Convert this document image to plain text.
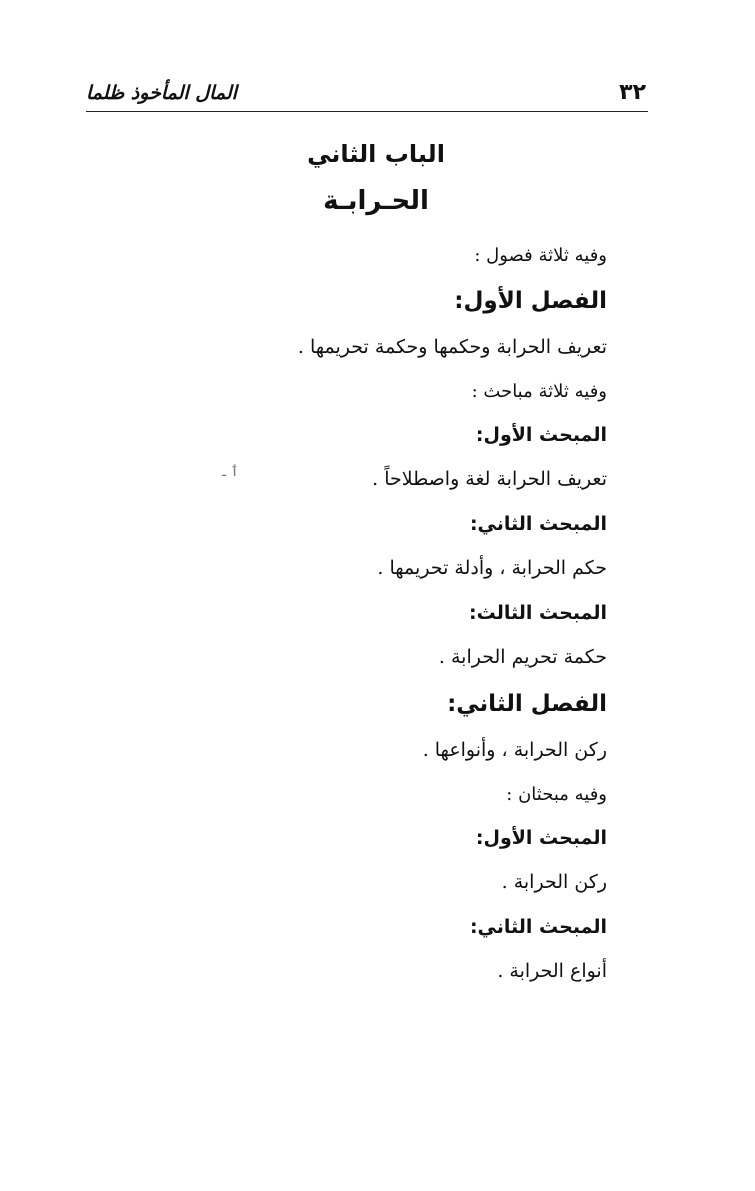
٣٢
المال المأخوذ ظلما
الباب الثاني
الحـرابـة
وفيه ثلاثة فصول :
الفصل الأول:
تعريف الحرابة وحكمها وحكمة تحريمها .
وفيه ثلاثة مباحث :
المبحث الأول:
تعريف الحرابة لغة واصطلاحاً .
المبحث الثاني:
حكم الحرابة ، وأدلة تحريمها .
المبحث الثالث:
حكمة تحريم الحرابة .
الفصل الثاني:
ركن الحرابة ، وأنواعها .
وفيه مبحثان :
المبحث الأول:
ركن الحرابة .
المبحث الثاني:
أنواع الحرابة .
ٲ ـ
